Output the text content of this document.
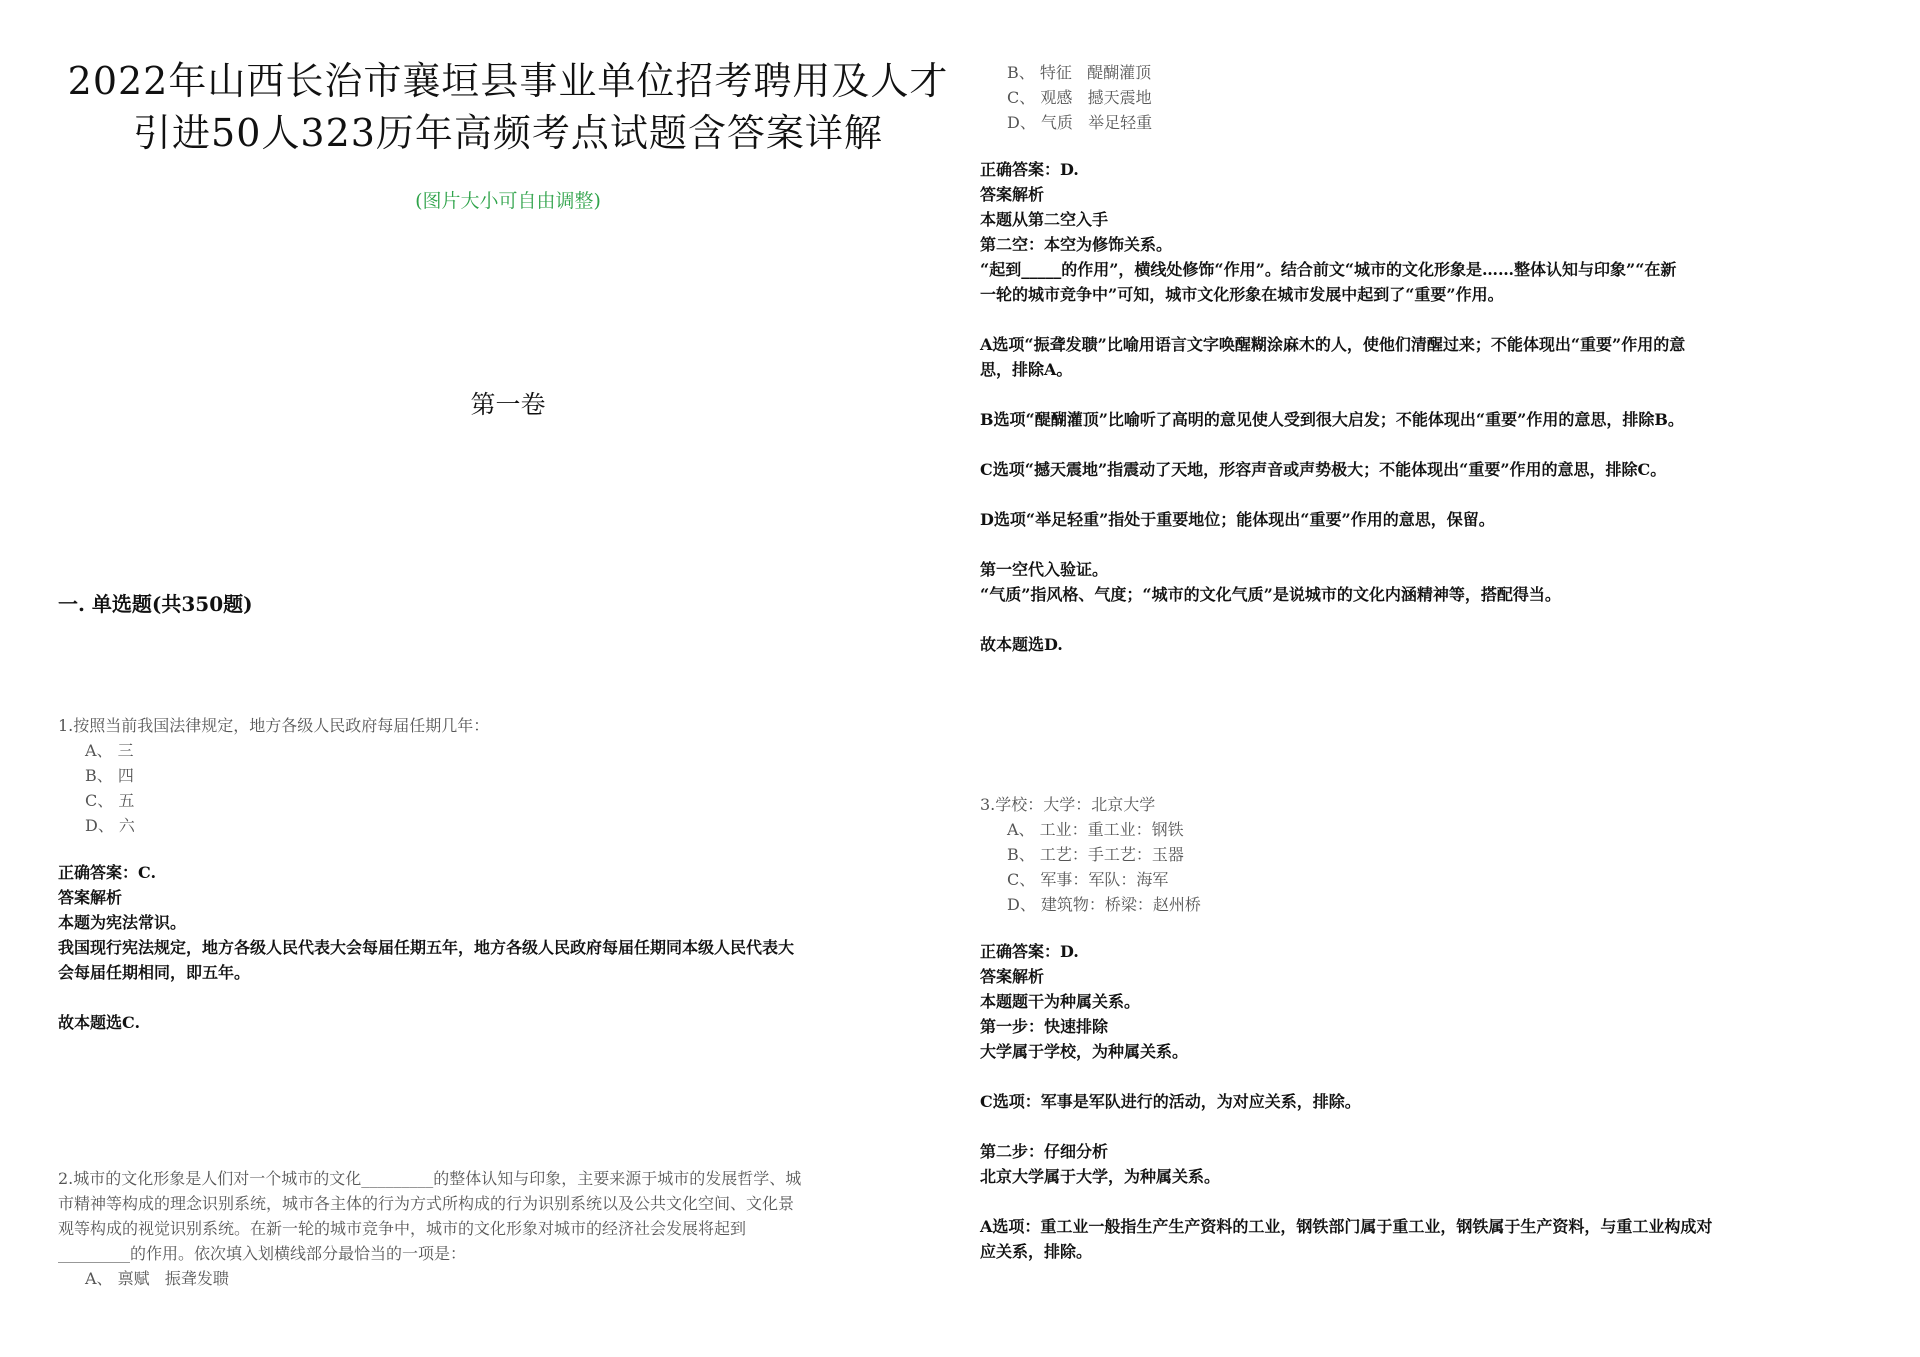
2022年山西长治市襄垣县事业单位招考聘用及人才
引进50人323历年高频考点试题含答案详解
(图片大小可自由调整)
第一卷
一. 单选题(共350题)

1.按照当前我国法律规定，地方各级人民政府每届任期几年：

A、 三
B、 四
C、 五
D、 六

正确答案：C.

答案解析

本题为宪法常识。

我国现行宪法规定，地方各级人民代表大会每届任期五年，地方各级人民政府每届任期同本级人民代表大

会每届任期相同，即五年。

故本题选C.

2.城市的文化形象是人们对一个城市的文化_________的整体认知与印象，主要来源于城市的发展哲学、城

市精神等构成的理念识别系统，城市各主体的行为方式所构成的行为识别系统以及公共文化空间、文化景

观等构成的视觉识别系统。在新一轮的城市竞争中，城市的文化形象对城市的经济社会发展将起到

_________的作用。依次填入划横线部分最恰当的一项是：

A、 禀赋   振聋发聩
B、 特征   醍醐灌顶
C、 观感   撼天震地
D、 气质   举足轻重

正确答案：D.

答案解析

本题从第二空入手

第二空：本空为修饰关系。

“起到_____的作用”，横线处修饰“作用”。结合前文“城市的文化形象是……整体认知与印象”“在新

一轮的城市竞争中”可知，城市文化形象在城市发展中起到了“重要”作用。

A选项“振聋发聩”比喻用语言文字唤醒糊涂麻木的人，使他们清醒过来；不能体现出“重要”作用的意

思，排除A。

B选项“醍醐灌顶”比喻听了高明的意见使人受到很大启发；不能体现出“重要”作用的意思，排除B。

C选项“撼天震地”指震动了天地，形容声音或声势极大；不能体现出“重要”作用的意思，排除C。

D选项“举足轻重”指处于重要地位；能体现出“重要”作用的意思，保留。

第一空代入验证。

“气质”指风格、气度；“城市的文化气质”是说城市的文化内涵精神等，搭配得当。

故本题选D.

3.学校：大学：北京大学

A、 工业：重工业：钢铁
B、 工艺：手工艺：玉器
C、 军事：军队：海军
D、 建筑物：桥梁：赵州桥

正确答案：D.

答案解析

本题题干为种属关系。

第一步：快速排除

大学属于学校，为种属关系。

C选项：军事是军队进行的活动，为对应关系，排除。

第二步：仔细分析

北京大学属于大学，为种属关系。

A选项：重工业一般指生产生产资料的工业，钢铁部门属于重工业，钢铁属于生产资料，与重工业构成对

应关系，排除。
